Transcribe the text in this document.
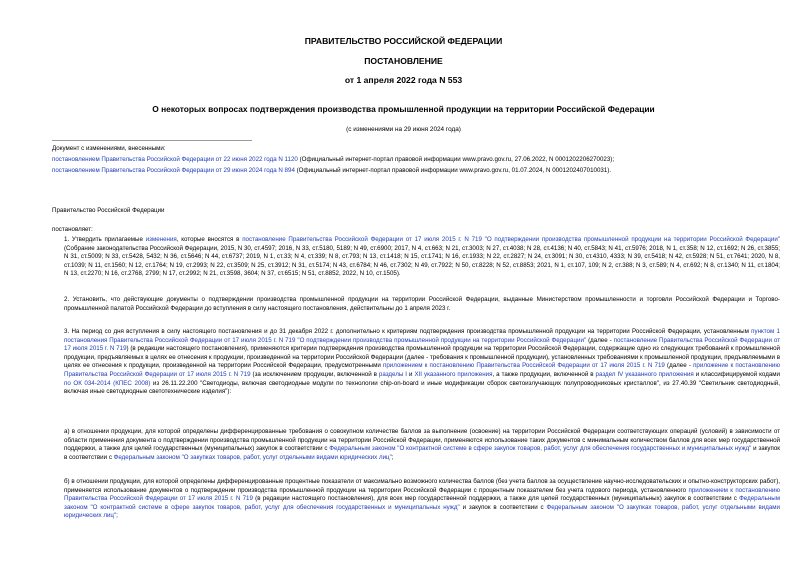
ПРАВИТЕЛЬСТВО РОССИЙСКОЙ ФЕДЕРАЦИИ
ПОСТАНОВЛЕНИЕ
от 1 апреля 2022 года N 553
О некоторых вопросах подтверждения производства промышленной продукции на территории Российской Федерации
(с изменениями на 29 июня 2024 года)
Документ с изменениями, внесенными:
постановлением Правительства Российской Федерации от 22 июня 2022 года N 1120 (Официальный интернет-портал правовой информации www.pravo.gov.ru, 27.06.2022, N 0001202206270023);
постановлением Правительства Российской Федерации от 29 июня 2024 года N 894 (Официальный интернет-портал правовой информации www.pravo.gov.ru, 01.07.2024, N 0001202407010031).
Правительство Российской Федерации
постановляет:
1. Утвердить прилагаемые изменения, которые вносятся в постановление Правительства Российской Федерации от 17 июля 2015 г. N 719 "О подтверждении производства промышленной продукции на территории Российской Федерации" (Собрание законодательства Российской Федерации, 2015, N 30, ст.4597; 2016, N 33, ст.5180, 5189; N 49, ст.6900; 2017, N 4, ст.663; N 21, ст.3003; N 27, ст.4038; N 28, ст.4136; N 40, ст.5843; N 41, ст.5976; 2018, N 1, ст.358; N 12, ст.1692; N 26, ст.3855; N 31, ст.5009; N 33, ст.5428, 5432; N 36, ст.5646; N 44, ст.6737; 2019, N 1, ст.33; N 4, ст.339; N 8, ст.793; N 13, ст.1418; N 15, ст.1741; N 16, ст.1933; N 22, ст.2827; N 24, ст.3091; N 30, ст.4310, 4333; N 39, ст.5418; N 42, ст.5928; N 51, ст.7641; 2020, N 8, ст.1039; N 11, ст.1560; N 12, ст.1764; N 19, ст.2993; N 22, ст.3509; N 25, ст.3912; N 31, ст.5174; N 43, ст.6784; N 46, ст.7302; N 49, ст.7922; N 50, ст.8228; N 52, ст.8853; 2021, N 1, ст.107, 109; N 2, ст.388; N 3, ст.589; N 4, ст.692; N 8, ст.1340; N 11, ст.1804; N 13, ст.2270; N 16, ст.2768, 2799; N 17, ст.2992; N 21, ст.3598, 3604; N 37, ст.6515; N 51, ст.8852, 2022, N 10, ст.1505).
2. Установить, что действующие документы о подтверждении производства промышленной продукции на территории Российской Федерации, выданные Министерством промышленности и торговли Российской Федерации и Торгово-промышленной палатой Российской Федерации до вступления в силу настоящего постановления, действительны до 1 апреля 2023 г.
3. На период со дня вступления в силу настоящего постановления и до 31 декабря 2022 г. дополнительно к критериям подтверждения производства промышленной продукции на территории Российской Федерации, установленным пунктом 1 постановления Правительства Российской Федерации от 17 июля 2015 г. N 719 "О подтверждении производства промышленной продукции на территории Российской Федерации" (далее - постановление Правительства Российской Федерации от 17 июля 2015 г. N 719) (в редакции настоящего постановления), применяются критерии подтверждения производства промышленной продукции на территории Российской Федерации, содержащие одно из следующих требований к промышленной продукции, предъявляемых в целях ее отнесения к продукции, произведенной на территории Российской Федерации (далее - требования к промышленной продукции), установленных требованиями к промышленной продукции, предъявляемыми в целях ее отнесения к продукции, произведенной на территории Российской Федерации, предусмотренными приложением к постановлению Правительства Российской Федерации от 17 июля 2015 г. N 719 (далее - приложение к постановлению Правительства Российской Федерации от 17 июля 2015 г. N 719 (за исключением продукции, включенной в разделы I и XII указанного приложения, а также продукции, включенной в раздел IV указанного приложения и классифицируемой кодами по ОК 034-2014 (КПЕС 2008) из 26.11.22.200 "Светодиоды, включая светодиодные модули по технологии chip-on-board и иные модификации сборок светоизлучающих полупроводниковых кристаллов", из 27.40.39 "Светильник светодиодный, включая иные светодиодные светотехнические изделия"):
а) в отношении продукции, для которой определены дифференцированные требования о совокупном количестве баллов за выполнение (освоение) на территории Российской Федерации соответствующих операций (условий) в зависимости от области применения документа о подтверждении производства промышленной продукции на территории Российской Федерации, применяются использование таких документов с минимальным количеством баллов для всех мер государственной поддержки, а также для целей государственных (муниципальных) закупок в соответствии с Федеральным законом "О контрактной системе в сфере закупок товаров, работ, услуг для обеспечения государственных и муниципальных нужд" и закупок в соответствии с Федеральным законом "О закупках товаров, работ, услуг отдельными видами юридических лиц";
б) в отношении продукции, для которой определены дифференцированные процентные показатели от максимально возможного количества баллов (без учета баллов за осуществление научно-исследовательских и опытно-конструкторских работ), применяется использование документов о подтверждении производства промышленной продукции на территории Российской Федерации с процентным показателем без учета годового периода, установленного приложением к постановлению Правительства Российской Федерации от 17 июля 2015 г. N 719 (в редакции настоящего постановления), для всех мер государственной поддержки, а также для целей государственных (муниципальных) закупок в соответствии с Федеральным законом "О контрактной системе в сфере закупок товаров, работ, услуг для обеспечения государственных и муниципальных нужд" и закупок в соответствии с Федеральным законом "О закупках товаров, работ, услуг отдельными видами юридических лиц";
